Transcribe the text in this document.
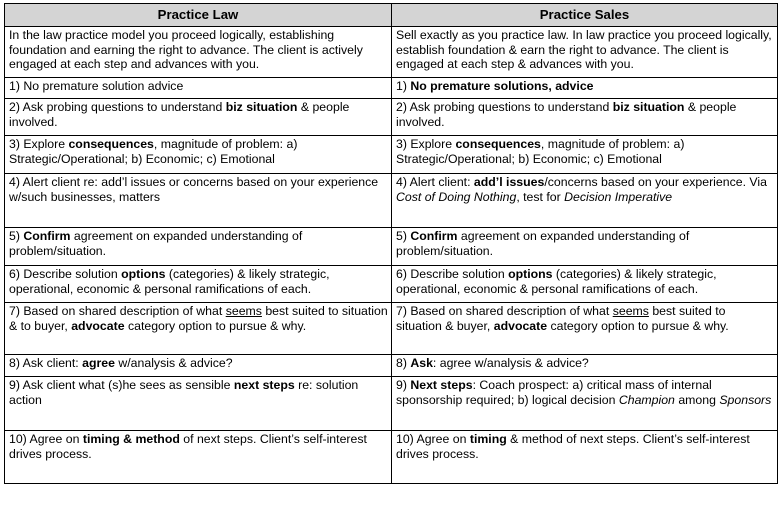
Practice Law	Practice Sales
In the law practice model you proceed logically, establishing foundation and earning the right to advance. The client is actively engaged at each step and advances with you.	Sell exactly as you practice law. In law practice you proceed logically, establish foundation & earn the right to advance. The client is engaged at each step & advances with you.
1) No premature solution advice	1) No premature solutions, advice
2) Ask probing questions to understand biz situation & people involved.	2) Ask probing questions to understand biz situation & people involved.
3) Explore consequences, magnitude of problem: a) Strategic/Operational; b) Economic; c) Emotional	3) Explore consequences, magnitude of problem: a) Strategic/Operational; b) Economic; c) Emotional
4) Alert client re: add’l issues or concerns based on your experience w/such businesses, matters	4) Alert client: add’l issues/concerns based on your experience. Via Cost of Doing Nothing, test for Decision Imperative
5) Confirm agreement on expanded understanding of problem/situation.	5) Confirm agreement on expanded understanding of problem/situation.
6) Describe solution options (categories) & likely strategic, operational, economic & personal ramifications of each.	6) Describe solution options (categories) & likely strategic, operational, economic & personal ramifications of each.
7) Based on shared description of what seems best suited to situation & to buyer, advocate category option to pursue & why.	7) Based on shared description of what seems best suited to situation & buyer, advocate category option to pursue & why.
8) Ask client: agree w/analysis & advice?	8) Ask: agree w/analysis & advice?
9) Ask client what (s)he sees as sensible next steps re: solution action	9) Next steps: Coach prospect: a) critical mass of internal sponsorship required; b) logical decision Champion among Sponsors
10) Agree on timing & method of next steps. Client’s self-interest drives process.	10) Agree on timing & method of next steps. Client’s self-interest drives process.
